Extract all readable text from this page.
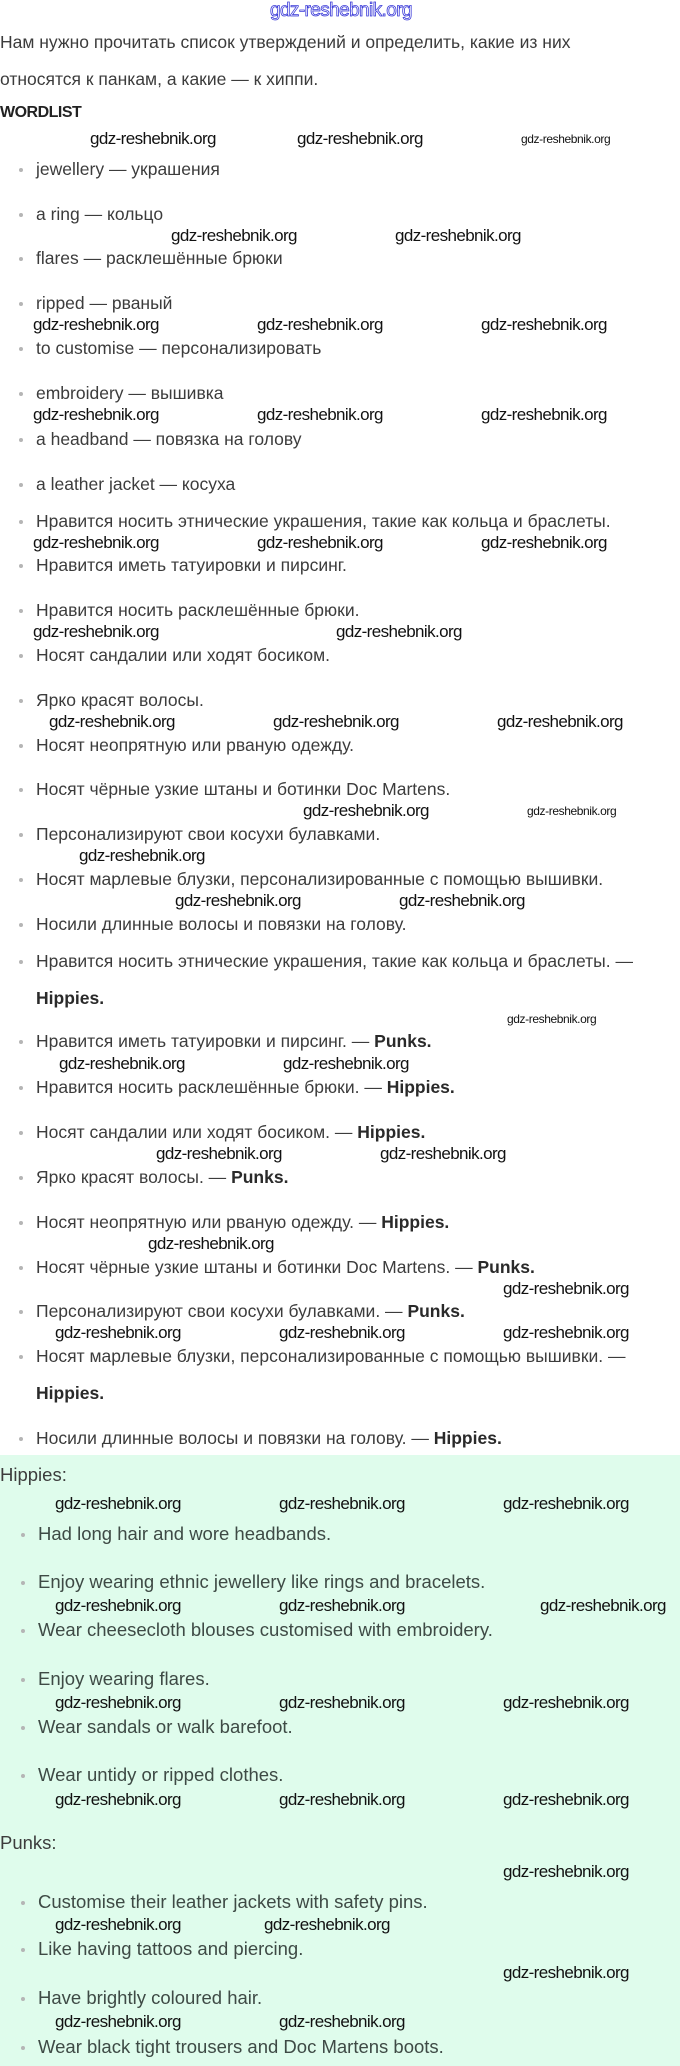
Нам нужно прочитать список утверждений и определить, какие из них
относятся к панкам, а какие — к хиппи.
WORDLIST
jewellery — украшения
a ring — кольцо
flares — расклешённые брюки
ripped — рваный
to customise — персонализировать
embroidery — вышивка
a headband — повязка на голову
a leather jacket — косуха
Нравится носить этнические украшения, такие как кольца и браслеты.
Нравится иметь татуировки и пирсинг.
Нравится носить расклешённые брюки.
Носят сандалии или ходят босиком.
Ярко красят волосы.
Носят неопрятную или рваную одежду.
Носят чёрные узкие штаны и ботинки Doc Martens.
Персонализируют свои косухи булавками.
Носят марлевые блузки, персонализированные с помощью вышивки.
Носили длинные волосы и повязки на голову.
Нравится носить этнические украшения, такие как кольца и браслеты. —
Hippies.
Нравится иметь татуировки и пирсинг. — Punks.
Нравится носить расклешённые брюки. — Hippies.
Носят сандалии или ходят босиком. — Hippies.
Ярко красят волосы. — Punks.
Носят неопрятную или рваную одежду. — Hippies.
Носят чёрные узкие штаны и ботинки Doc Martens. — Punks.
Персонализируют свои косухи булавками. — Punks.
Носят марлевые блузки, персонализированные с помощью вышивки. —
Hippies.
Носили длинные волосы и повязки на голову. — Hippies.
Hippies:
Had long hair and wore headbands.
Enjoy wearing ethnic jewellery like rings and bracelets.
Wear cheesecloth blouses customised with embroidery.
Enjoy wearing flares.
Wear sandals or walk barefoot.
Wear untidy or ripped clothes.
Punks:
Customise their leather jackets with safety pins.
Like having tattoos and piercing.
Have brightly coloured hair.
Wear black tight trousers and Doc Martens boots.
gdz-reshebnik.org
gdz-reshebnik.org	gdz-reshebnik.org	gdz-reshebnik.org
gdz-reshebnik.org	gdz-reshebnik.org
gdz-reshebnik.org	gdz-reshebnik.org	gdz-reshebnik.org
gdz-reshebnik.org	gdz-reshebnik.org	gdz-reshebnik.org
gdz-reshebnik.org	gdz-reshebnik.org
gdz-reshebnik.org
gdz-reshebnik.org
gdz-reshebnik.org
gdz-reshebnik.org	gdz-reshebnik.org	gdz-reshebnik.org
gdz-reshebnik.org	gdz-reshebnik.org
gdz-reshebnik.org
gdz-reshebnik.org
gdz-reshebnik.org
gdz-reshebnik.org
gdz-reshebnik.org	gdz-reshebnik.org
gdz-reshebnik.org	gdz-reshebnik.org
gdz-reshebnik.org
gdz-reshebnik.org
gdz-reshebnik.org	gdz-reshebnik.org	gdz-reshebnik.org
gdz-reshebnik.org	gdz-reshebnik.org
gdz-reshebnik.org
gdz-reshebnik.org	gdz-reshebnik.org	gdz-reshebnik.org
gdz-reshebnik.org	gdz-reshebnik.org	gdz-reshebnik.org
gdz-reshebnik.org	gdz-reshebnik.org	gdz-reshebnik.org
gdz-reshebnik.org
gdz-reshebnik.org	gdz-reshebnik.org
gdz-reshebnik.org
gdz-reshebnik.org	gdz-reshebnik.org
